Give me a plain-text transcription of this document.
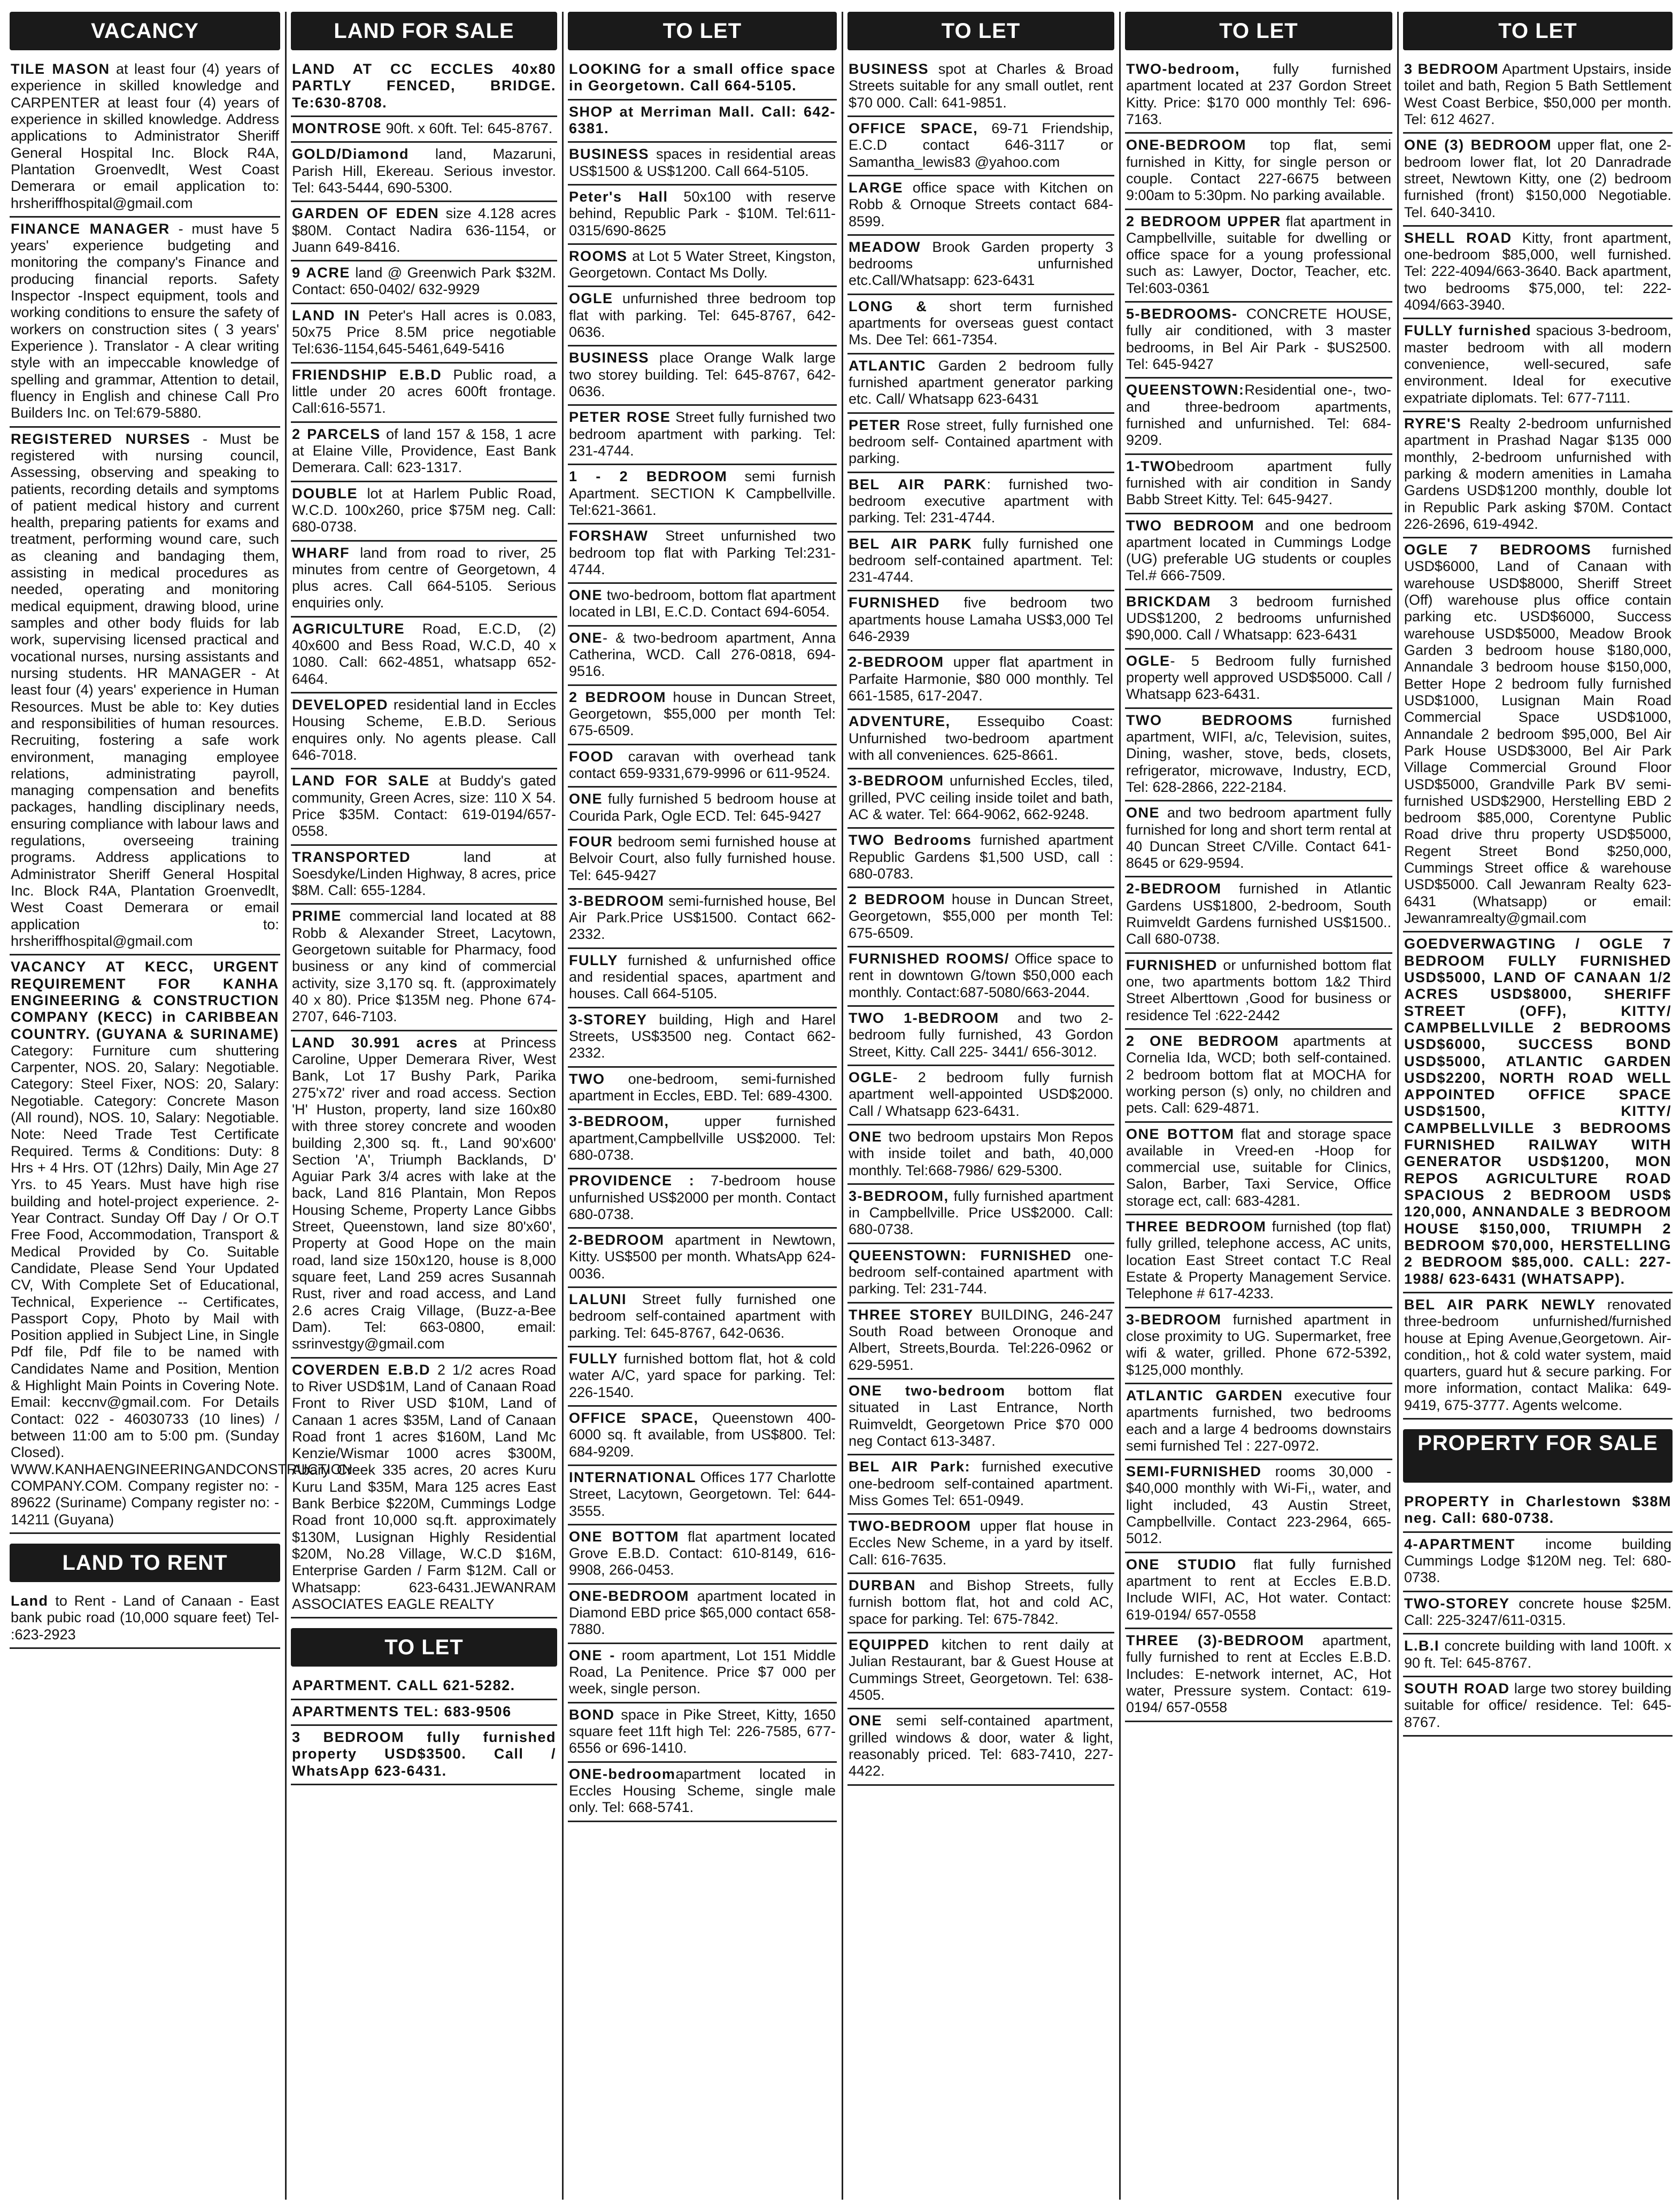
VACANCY
TILE MASON at least four (4) years of experience in skilled knowledge and CARPENTER at least four (4) years of experience in skilled knowledge. Address applications to Administrator Sheriff General Hospital Inc. Block R4A, Plantation Groenvedlt, West Coast Demerara or email application to: hrsheriffhospital@gmail.com
FINANCE MANAGER - must have 5 years' experience budgeting and monitoring the company's Finance and producing financial reports. Safety Inspector -Inspect equipment, tools and working conditions to ensure the safety of workers on construction sites ( 3 years' Experience ). Translator - A clear writing style with an impeccable knowledge of spelling and grammar, Attention to detail, fluency in English and chinese Call Pro Builders Inc. on Tel:679-5880.
REGISTERED NURSES - Must be registered with nursing council, Assessing, observing and speaking to patients, recording details and symptoms of patient medical history and current health, preparing patients for exams and treatment, performing wound care, such as cleaning and bandaging them, assisting in medical procedures as needed, operating and monitoring medical equipment, drawing blood, urine samples and other body fluids for lab work, supervising licensed practical and vocational nurses, nursing assistants and nursing students. HR MANAGER - At least four (4) years' experience in Human Resources. Must be able to: Key duties and responsibilities of human resources. Recruiting, fostering a safe work environment, managing employee relations, administrating payroll, managing compensation and benefits packages, handling disciplinary needs, ensuring compliance with labour laws and regulations, overseeing training programs. Address applications to Administrator Sheriff General Hospital Inc. Block R4A, Plantation Groenvedlt, West Coast Demerara or email application to: hrsheriffhospital@gmail.com
VACANCY AT KECC, URGENT REQUIREMENT FOR KANHA ENGINEERING & CONSTRUCTION COMPANY (KECC) in CARIBBEAN COUNTRY. (GUYANA & SURINAME) Category: Furniture cum shuttering Carpenter, NOS. 20, Salary: Negotiable. Category: Steel Fixer, NOS: 20, Salary: Negotiable. Category: Concrete Mason (All round), NOS. 10, Salary: Negotiable. Note: Need Trade Test Certificate Required. Terms & Conditions: Duty: 8 Hrs + 4 Hrs. OT (12hrs) Daily, Min Age 27 Yrs. to 45 Years. Must have high rise building and hotel-project experience. 2-Year Contract. Sunday Off Day / Or O.T Free Food, Accommodation, Transport & Medical Provided by Co. Suitable Candidate, Please Send Your Updated CV, With Complete Set of Educational, Technical, Experience -- Certificates, Passport Copy, Photo by Mail with Position applied in Subject Line, in Single Pdf file, Pdf file to be named with Candidates Name and Position, Mention & Highlight Main Points in Covering Note. Email: keccnv@gmail.com. For Details Contact: 022 - 46030733 (10 lines) / between 11:00 am to 5:00 pm. (Sunday Closed). WWW.KANHAENGINEERINGANDCONSTRUCTION COMPANY.COM. Company register no: - 89622 (Suriname) Company register no: - 14211 (Guyana)
LAND TO RENT
Land to Rent - Land of Canaan - East bank pubic road (10,000 square feet) Tel- :623-2923
LAND FOR SALE
LAND AT CC ECCLES 40x80 PARTLY FENCED, BRIDGE. Te:630-8708.
MONTROSE 90ft. x 60ft. Tel: 645-8767.
GOLD/Diamond land, Mazaruni, Parish Hill, Ekereau. Serious investor. Tel: 643-5444, 690-5300.
GARDEN OF EDEN size 4.128 acres $80M. Contact Nadira 636-1154, or Juann 649-8416.
9 ACRE land @ Greenwich Park $32M. Contact: 650-0402/ 632-9929
LAND IN Peter's Hall acres is 0.083, 50x75 Price 8.5M price negotiable Tel:636-1154,645-5461,649-5416
FRIENDSHIP E.B.D Public road, a little under 20 acres 600ft frontage. Call:616-5571.
2 PARCELS of land 157 & 158, 1 acre at Elaine Ville, Providence, East Bank Demerara. Call: 623-1317.
DOUBLE lot at Harlem Public Road, W.C.D. 100x260, price $75M neg. Call: 680-0738.
WHARF land from road to river, 25 minutes from centre of Georgetown, 4 plus acres. Call 664-5105. Serious enquiries only.
AGRICULTURE Road, E.C.D, (2) 40x600 and Bess Road, W.C.D, 40 x 1080. Call: 662-4851, whatsapp 652-6464.
DEVELOPED residential land in Eccles Housing Scheme, E.B.D. Serious enquires only. No agents please. Call 646-7018.
LAND FOR SALE at Buddy's gated community, Green Acres, size: 110 X 54. Price $35M. Contact: 619-0194/657-0558.
TRANSPORTED land at Soesdyke/Linden Highway, 8 acres, price $8M. Call: 655-1284.
PRIME commercial land located at 88 Robb & Alexander Street, Lacytown, Georgetown suitable for Pharmacy, food business or any kind of commercial activity, size 3,170 sq. ft. (approximately 40 x 80). Price $135M neg. Phone 674-2707, 646-7103.
LAND 30.991 acres at Princess Caroline, Upper Demerara River, West Bank, Lot 17 Bushy Park, Parika 275'x72' river and road access. Section 'H' Huston, property, land size 160x80 with three storey concrete and wooden building 2,300 sq. ft., Land 90'x600' Section 'A', Triumph Backlands, D' Aguiar Park 3/4 acres with lake at the back, Land 816 Plantain, Mon Repos Housing Scheme, Property Lance Gibbs Street, Queenstown, land size 80'x60', Property at Good Hope on the main road, land size 150x120, house is 8,000 square feet, Land 259 acres Susannah Rust, river and road access, and Land 2.6 acres Craig Village, (Buzz-a-Bee Dam). Tel: 663-0800, email: ssrinvestgy@gmail.com
COVERDEN E.B.D 2 1/2 acres Road to River USD$1M, Land of Canaan Road Front to River USD $10M, Land of Canaan 1 acres $35M, Land of Canaan Road front 1 acres $160M, Land Mc Kenzie/Wismar 1000 acres $300M, Abary Creek 335 acres, 20 acres Kuru Kuru Land $35M, Mara 125 acres East Bank Berbice $220M, Cummings Lodge Road front 10,000 sq.ft. approximately $130M, Lusignan Highly Residential $20M, No.28 Village, W.C.D $16M, Enterprise Garden / Farm $12M. Call or Whatsapp: 623-6431.JEWANRAM ASSOCIATES EAGLE REALTY
TO LET
APARTMENT. CALL 621-5282.
APARTMENTS TEL: 683-9506
3 BEDROOM fully furnished property USD$3500. Call / WhatsApp 623-6431.
TO LET
LOOKING for a small office space in Georgetown. Call 664-5105.
SHOP at Merriman Mall. Call: 642-6381.
BUSINESS spaces in residential areas US$1500 & US$1200. Call 664-5105.
Peter's Hall 50x100 with reserve behind, Republic Park - $10M. Tel:611-0315/690-8625
ROOMS at Lot 5 Water Street, Kingston, Georgetown. Contact Ms Dolly.
OGLE unfurnished three bedroom top flat with parking. Tel: 645-8767, 642-0636.
BUSINESS place Orange Walk large two storey building. Tel: 645-8767, 642-0636.
PETER ROSE Street fully furnished two bedroom apartment with parking. Tel: 231-4744.
1 - 2 BEDROOM semi furnish Apartment. SECTION K Campbellville. Tel:621-3661.
FORSHAW Street unfurnished two bedroom top flat with Parking Tel:231-4744.
ONE two-bedroom, bottom flat apartment located in LBI, E.C.D. Contact 694-6054.
ONE- & two-bedroom apartment, Anna Catherina, WCD. Call 276-0818, 694-9516.
2 BEDROOM house in Duncan Street, Georgetown, $55,000 per month Tel: 675-6509.
FOOD caravan with overhead tank contact 659-9331,679-9996 or 611-9524.
ONE fully furnished 5 bedroom house at Courida Park, Ogle ECD. Tel: 645-9427
FOUR bedroom semi furnished house at Belvoir Court, also fully furnished house. Tel: 645-9427
3-BEDROOM semi-furnished house, Bel Air Park.Price US$1500. Contact 662-2332.
FULLY furnished & unfurnished office and residential spaces, apartment and houses. Call 664-5105.
3-STOREY building, High and Harel Streets, US$3500 neg. Contact 662-2332.
TWO one-bedroom, semi-furnished apartment in Eccles, EBD. Tel: 689-4300.
3-BEDROOM, upper furnished apartment,Campbellville US$2000. Tel: 680-0738.
PROVIDENCE : 7-bedroom house unfurnished US$2000 per month. Contact 680-0738.
2-BEDROOM apartment in Newtown, Kitty. US$500 per month. WhatsApp 624-0036.
LALUNI Street fully furnished one bedroom self-contained apartment with parking. Tel: 645-8767, 642-0636.
FULLY furnished bottom flat, hot & cold water A/C, yard space for parking. Tel: 226-1540.
OFFICE SPACE, Queenstown 400-6000 sq. ft available, from US$800. Tel: 684-9209.
INTERNATIONAL Offices 177 Charlotte Street, Lacytown, Georgetown. Tel: 644-3555.
ONE BOTTOM flat apartment located Grove E.B.D. Contact: 610-8149, 616-9908, 266-0453.
ONE-BEDROOM apartment located in Diamond EBD price $65,000 contact 658-7880.
ONE - room apartment, Lot 151 Middle Road, La Penitence. Price $7 000 per week, single person.
BOND space in Pike Street, Kitty, 1650 square feet 11ft high Tel: 226-7585, 677-6556 or 696-1410.
ONE-bedroomapartment located in Eccles Housing Scheme, single male only. Tel: 668-5741.
TO LET
BUSINESS spot at Charles & Broad Streets suitable for any small outlet, rent $70 000. Call: 641-9851.
OFFICE SPACE, 69-71 Friendship, E.C.D contact 646-3117 or Samantha_lewis83 @yahoo.com
LARGE office space with Kitchen on Robb & Ornoque Streets contact 684-8599.
MEADOW Brook Garden property 3 bedrooms unfurnished etc.Call/Whatsapp: 623-6431
LONG & short term furnished apartments for overseas guest contact Ms. Dee Tel: 661-7354.
ATLANTIC Garden 2 bedroom fully furnished apartment generator parking etc. Call/ Whatsapp 623-6431
PETER Rose street, fully furnished one bedroom self- Contained apartment with parking.
BEL AIR PARK: furnished two-bedroom executive apartment with parking. Tel: 231-4744.
BEL AIR PARK fully furnished one bedroom self-contained apartment. Tel: 231-4744.
FURNISHED five bedroom two apartments house Lamaha US$3,000 Tel 646-2939
2-BEDROOM upper flat apartment in Parfaite Harmonie, $80 000 monthly. Tel 661-1585, 617-2047.
ADVENTURE, Essequibo Coast: Unfurnished two-bedroom apartment with all conveniences. 625-8661.
3-BEDROOM unfurnished Eccles, tiled, grilled, PVC ceiling inside toilet and bath, AC & water. Tel: 664-9062, 662-9248.
TWO Bedrooms furnished apartment Republic Gardens $1,500 USD, call : 680-0783.
2 BEDROOM house in Duncan Street, Georgetown, $55,000 per month Tel: 675-6509.
FURNISHED ROOMS/ Office space to rent in downtown G/town $50,000 each monthly. Contact:687-5080/663-2044.
TWO 1-BEDROOM and two 2-bedroom fully furnished, 43 Gordon Street, Kitty. Call 225- 3441/ 656-3012.
OGLE- 2 bedroom fully furnish apartment well-appointed USD$2000. Call / Whatsapp 623-6431.
ONE two bedroom upstairs Mon Repos with inside toilet and bath, 40,000 monthly. Tel:668-7986/ 629-5300.
3-BEDROOM, fully furnished apartment in Campbellville. Price US$2000. Call: 680-0738.
QUEENSTOWN: FURNISHED one-bedroom self-contained apartment with parking. Tel: 231-744.
THREE STOREY BUILDING, 246-247 South Road between Oronoque and Albert, Streets,Bourda. Tel:226-0962 or 629-5951.
ONE two-bedroom bottom flat situated in Last Entrance, North Ruimveldt, Georgetown Price $70 000 neg Contact 613-3487.
BEL AIR Park: furnished executive one-bedroom self-contained apartment. Miss Gomes Tel: 651-0949.
TWO-BEDROOM upper flat house in Eccles New Scheme, in a yard by itself. Call: 616-7635.
DURBAN and Bishop Streets, fully furnish bottom flat, hot and cold AC, space for parking. Tel: 675-7842.
EQUIPPED kitchen to rent daily at Julian Restaurant, bar & Guest House at Cummings Street, Georgetown. Tel: 638-4505.
ONE semi self-contained apartment, grilled windows & door, water & light, reasonably priced. Tel: 683-7410, 227-4422.
TO LET
TWO-bedroom, fully furnished apartment located at 237 Gordon Street Kitty. Price: $170 000 monthly Tel: 696-7163.
ONE-BEDROOM top flat, semi furnished in Kitty, for single person or couple. Contact 227-6675 between 9:00am to 5:30pm. No parking available.
2 BEDROOM UPPER flat apartment in Campbellville, suitable for dwelling or office space for a young professional such as: Lawyer, Doctor, Teacher, etc. Tel:603-0361
5-BEDROOMS- CONCRETE HOUSE, fully air conditioned, with 3 master bedrooms, in Bel Air Park - $US2500. Tel: 645-9427
QUEENSTOWN:Residential one-, two- and three-bedroom apartments, furnished and unfurnished. Tel: 684-9209.
1-TWObedroom apartment fully furnished with air condition in Sandy Babb Street Kitty. Tel: 645-9427.
TWO BEDROOM and one bedroom apartment located in Cummings Lodge (UG) preferable UG students or couples Tel.# 666-7509.
BRICKDAM 3 bedroom furnished UDS$1200, 2 bedrooms unfurnished $90,000. Call / Whatsapp: 623-6431
OGLE- 5 Bedroom fully furnished property well approved USD$5000. Call / Whatsapp 623-6431.
TWO BEDROOMS furnished apartment, WIFI, a/c, Television, suites, Dining, washer, stove, beds, closets, refrigerator, microwave, Industry, ECD, Tel: 628-2866, 222-2184.
ONE and two bedroom apartment fully furnished for long and short term rental at 40 Duncan Street C/Ville. Contact 641-8645 or 629-9594.
2-BEDROOM furnished in Atlantic Gardens US$1800, 2-bedroom, South Ruimveldt Gardens furnished US$1500.. Call 680-0738.
FURNISHED or unfurnished bottom flat one, two apartments bottom 1&2 Third Street Alberttown ,Good for business or residence Tel :622-2442
2 ONE BEDROOM apartments at Cornelia Ida, WCD; both self-contained. 2 bedroom bottom flat at MOCHA for working person (s) only, no children and pets. Call: 629-4871.
ONE BOTTOM flat and storage space available in Vreed-en -Hoop for commercial use, suitable for Clinics, Salon, Barber, Taxi Service, Office storage ect, call: 683-4281.
THREE BEDROOM furnished (top flat) fully grilled, telephone access, AC units, location East Street contact T.C Real Estate & Property Management Service. Telephone # 617-4233.
3-BEDROOM furnished apartment in close proximity to UG. Supermarket, free wifi & water, grilled. Phone 672-5392, $125,000 monthly.
ATLANTIC GARDEN executive four apartments furnished, two bedrooms each and a large 4 bedrooms downstairs semi furnished Tel : 227-0972.
SEMI-FURNISHED rooms 30,000 - $40,000 monthly with Wi-Fi,, water, and light included, 43 Austin Street, Campbellville. Contact 223-2964, 665-5012.
ONE STUDIO flat fully furnished apartment to rent at Eccles E.B.D. Include WIFI, AC, Hot water. Contact: 619-0194/ 657-0558
THREE (3)-BEDROOM apartment, fully furnished to rent at Eccles E.B.D. Includes: E-network internet, AC, Hot water, Pressure system. Contact: 619-0194/ 657-0558
TO LET
3 BEDROOM Apartment Upstairs, inside toilet and bath, Region 5 Bath Settlement West Coast Berbice, $50,000 per month. Tel: 612 4627.
ONE (3) BEDROOM upper flat, one 2-bedroom lower flat, lot 20 Danradrade street, Newtown Kitty, one (2) bedroom furnished (front) $150,000 Negotiable. Tel. 640-3410.
SHELL ROAD Kitty, front apartment, one-bedroom $85,000, well furnished. Tel: 222-4094/663-3640. Back apartment, two bedrooms $75,000, tel: 222-4094/663-3940.
FULLY furnished spacious 3-bedroom, master bedroom with all modern convenience, well-secured, safe environment. Ideal for executive expatriate diplomats. Tel: 677-7111.
RYRE'S Realty 2-bedroom unfurnished apartment in Prashad Nagar $135 000 monthly, 2-bedroom unfurnished with parking & modern amenities in Lamaha Gardens USD$1200 monthly, double lot in Republic Park asking $70M. Contact 226-2696, 619-4942.
OGLE 7 BEDROOMS furnished USD$6000, Land of Canaan with warehouse USD$8000, Sheriff Street (Off) warehouse plus office contain parking etc. USD$6000, Success warehouse USD$5000, Meadow Brook Garden 3 bedroom house $180,000, Annandale 3 bedroom house $150,000, Better Hope 2 bedroom fully furnished USD$1000, Lusignan Main Road Commercial Space USD$1000, Annandale 2 bedroom $95,000, Bel Air Park House USD$3000, Bel Air Park Village Commercial Ground Floor USD$5000, Grandville Park BV semi- furnished USD$2900, Herstelling EBD 2 bedroom $85,000, Corentyne Public Road drive thru property USD$5000, Regent Street Bond $250,000, Cummings Street office & warehouse USD$5000. Call Jewanram Realty 623-6431 (Whatsapp) or email: Jewanramrealty@gmail.com
GOEDVERWAGTING / OGLE 7 BEDROOM FULLY FURNISHED USD$5000, LAND OF CANAAN 1/2 ACRES USD$8000, SHERIFF STREET (OFF), KITTY/ CAMPBELLVILLE 2 BEDROOMS USD$6000, SUCCESS BOND USD$5000, ATLANTIC GARDEN USD$2200, NORTH ROAD WELL APPOINTED OFFICE SPACE USD$1500, KITTY/ CAMPBELLVILLE 3 BEDROOMS FURNISHED RAILWAY WITH GENERATOR USD$1200, MON REPOS AGRICULTURE ROAD SPACIOUS 2 BEDROOM USD$ 120,000, ANNANDALE 3 BEDROOM HOUSE $150,000, TRIUMPH 2 BEDROOM $70,000, HERSTELLING 2 BEDROOM $85,000. CALL: 227-1988/ 623-6431 (WHATSAPP).
BEL AIR PARK NEWLY renovated three-bedroom unfurnished/furnished house at Eping Avenue,Georgetown. Air-condition,, hot & cold water system, maid quarters, guard hut & secure parking. For more information, contact Malika: 649-9419, 675-3777. Agents welcome.
PROPERTY FOR SALE
PROPERTY in Charlestown $38M neg. Call: 680-0738.
4-APARTMENT income building Cummings Lodge $120M neg. Tel: 680-0738.
TWO-STOREY concrete house $25M. Call: 225-3247/611-0315.
L.B.I concrete building with land 100ft. x 90 ft. Tel: 645-8767.
SOUTH ROAD large two storey building suitable for office/ residence. Tel: 645-8767.
